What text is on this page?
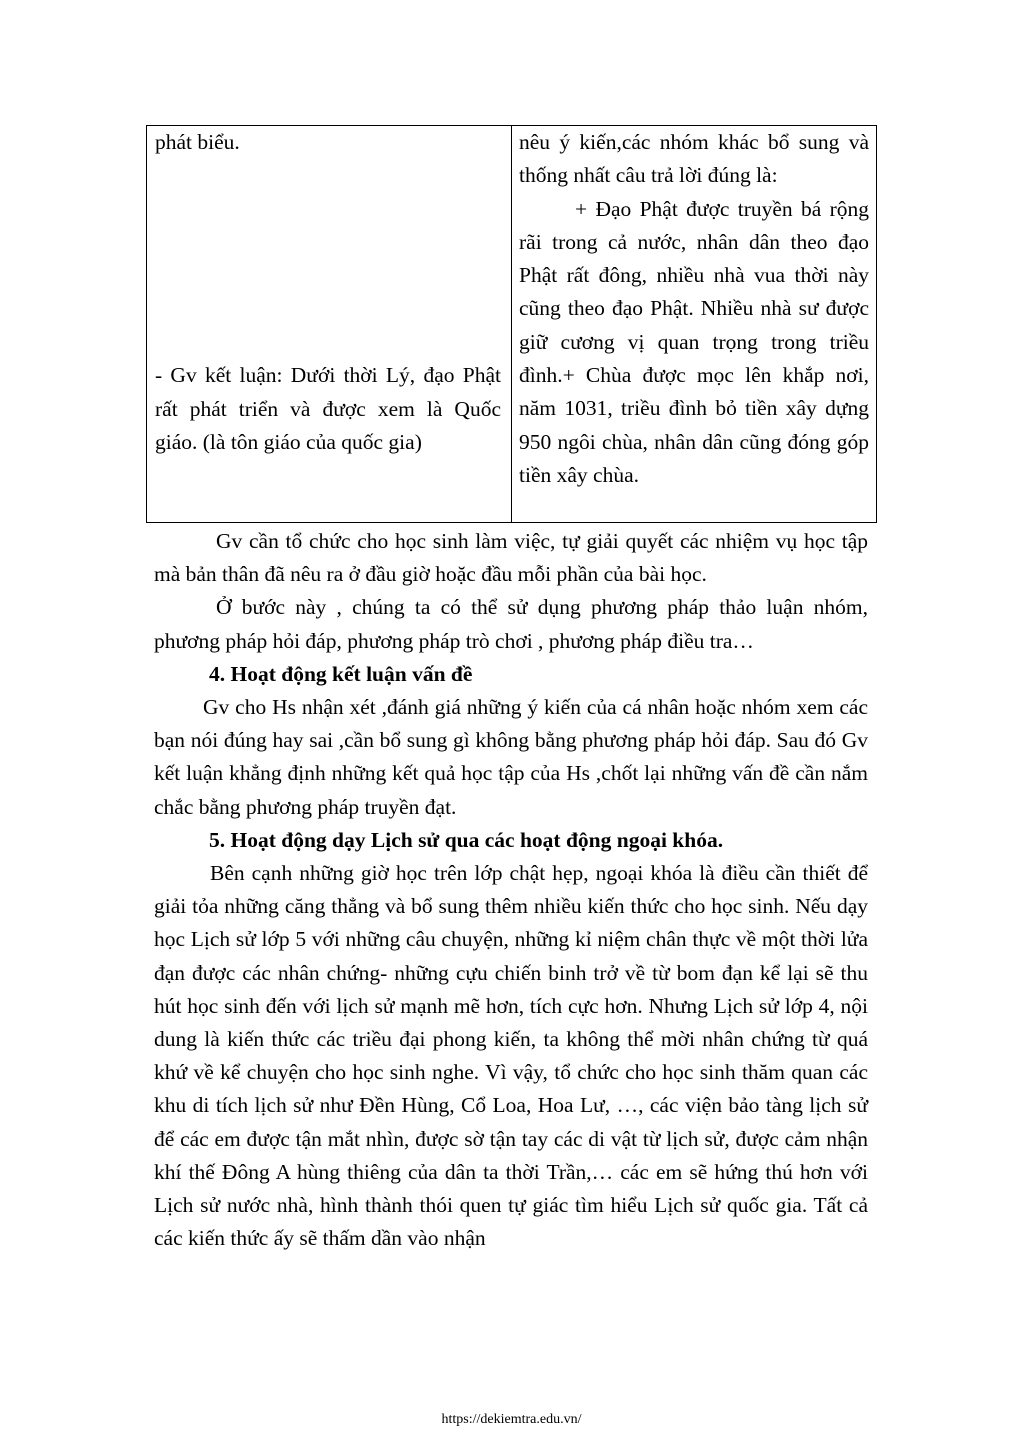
phát biểu.

- Gv kết luận: Dưới thời Lý, đạo Phật rất phát triển và được xem là Quốc giáo. (là tôn giáo của quốc gia)

nêu ý kiến,các nhóm khác bổ sung và thống nhất câu trả lời đúng là:

+ Đạo Phật được truyền bá rộng rãi trong cả nước, nhân dân theo đạo Phật rất đông, nhiều nhà vua thời này cũng theo đạo Phật. Nhiều nhà sư được giữ cương vị quan trọng trong triều đình.+ Chùa được mọc lên khắp nơi, năm 1031, triều đình bỏ tiền xây dựng 950 ngôi chùa, nhân dân cũng đóng góp tiền xây chùa.

Gv cần tổ chức cho học sinh làm việc, tự giải quyết các nhiệm vụ học tập mà bản thân đã nêu ra ở đầu giờ hoặc đầu mỗi phần của bài học.

Ở bước này , chúng ta có thể sử dụng phương pháp thảo luận nhóm, phương pháp hỏi đáp, phương pháp trò chơi , phương pháp điều tra…

4. Hoạt động kết luận vấn đề

Gv cho Hs nhận xét ,đánh giá những ý kiến của cá nhân hoặc nhóm xem các bạn nói đúng hay sai ,cần bổ sung gì không bằng phương pháp hỏi đáp. Sau đó Gv kết luận khẳng định những kết quả học tập của Hs ,chốt lại những vấn đề cần nắm chắc bằng phương pháp truyền đạt.

5. Hoạt động dạy Lịch sử qua các hoạt động ngoại khóa.

Bên cạnh những giờ học trên lớp chật hẹp, ngoại khóa là điều cần thiết để giải tỏa những căng thẳng và bổ sung thêm nhiều kiến thức cho học sinh. Nếu dạy học Lịch sử lớp 5 với những câu chuyện, những kỉ niệm chân thực về một thời lửa đạn được các nhân chứng- những cựu chiến binh trở về từ bom đạn kể lại sẽ thu hút học sinh đến với lịch sử mạnh mẽ hơn, tích cực hơn. Nhưng Lịch sử lớp 4, nội dung là kiến thức các triều đại phong kiến, ta không thể mời nhân chứng từ quá khứ về kể chuyện cho học sinh nghe. Vì vậy, tổ chức cho học sinh thăm quan các khu di tích lịch sử như Đền Hùng, Cổ Loa, Hoa Lư, …, các viện bảo tàng lịch sử để các em được tận mắt nhìn, được sờ tận tay các di vật từ lịch sử, được cảm nhận khí thế Đông A hùng thiêng của dân ta thời Trần,… các em sẽ hứng thú hơn với Lịch sử nước nhà, hình thành thói quen tự giác tìm hiểu Lịch sử quốc gia. Tất cả các kiến thức ấy sẽ thấm dần vào nhận

https://dekiemtra.edu.vn/
